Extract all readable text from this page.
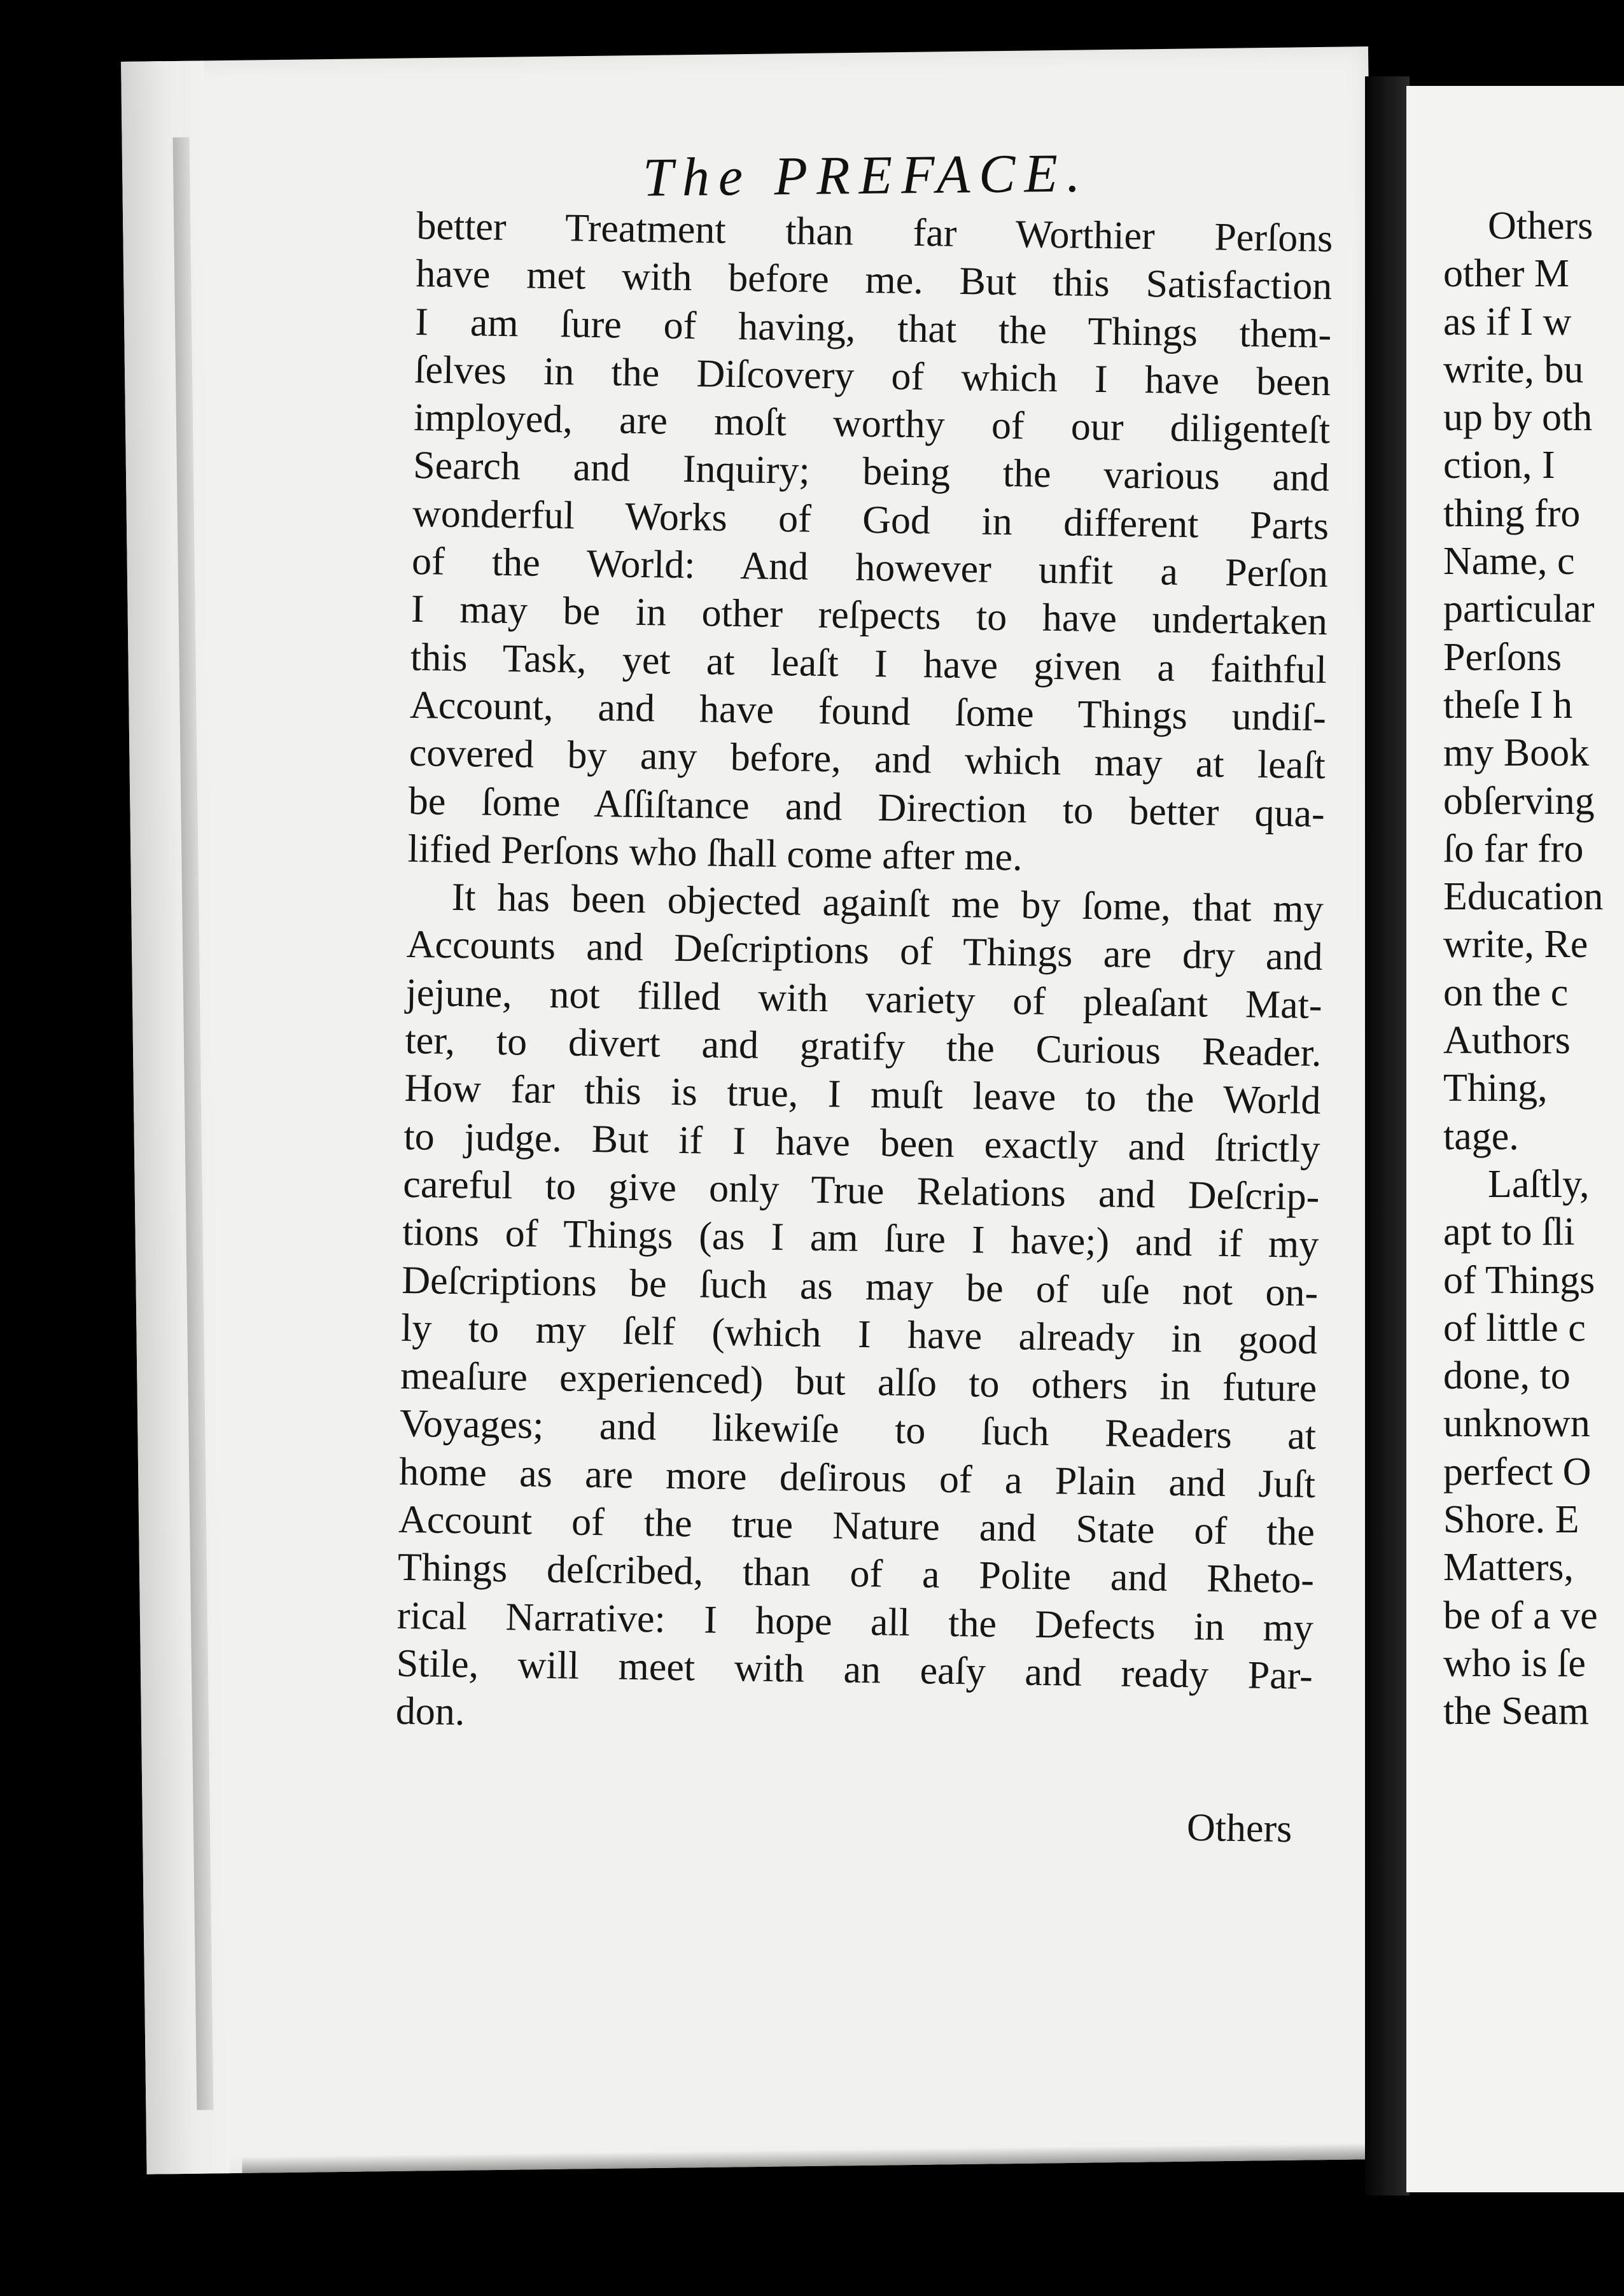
The PREFACE.
better Treatment than far Worthier Perſons
have met with before me. But this Satisfaction
I am ſure of having, that the Things them-
ſelves in the Diſcovery of which I have been
imployed, are moſt worthy of our diligenteſt
Search and Inquiry; being the various and
wonderful Works of God in different Parts
of the World: And however unfit a Perſon
I may be in other reſpects to have undertaken
this Task, yet at leaſt I have given a faithful
Account, and have found ſome Things undiſ-
covered by any before, and which may at leaſt
be ſome Aſſiſtance and Direction to better qua-
lified Perſons who ſhall come after me.
It has been objected againſt me by ſome, that my
Accounts and Deſcriptions of Things are dry and
jejune, not filled with variety of pleaſant Mat-
ter, to divert and gratify the Curious Reader.
How far this is true, I muſt leave to the World
to judge. But if I have been exactly and ſtrictly
careful to give only True Relations and Deſcrip-
tions of Things (as I am ſure I have;) and if my
Deſcriptions be ſuch as may be of uſe not on-
ly to my ſelf (which I have already in good
meaſure experienced) but alſo to others in future
Voyages; and likewiſe to ſuch Readers at
home as are more deſirous of a Plain and Juſt
Account of the true Nature and State of the
Things deſcribed, than of a Polite and Rheto-
rical Narrative: I hope all the Defects in my
Stile, will meet with an eaſy and ready Par-
don.
Others
Others
other M
as if I w
write, bu
up by oth
ction, I
thing fro
Name, c
particular
Perſons
theſe I h
my Book
obſerving
ſo far fro
Education
write, Re
on the c
Authors
Thing,
tage.
Laſtly,
apt to ſli
of Things
of little c
done, to
unknown
perfect O
Shore. E
Matters,
be of a ve
who is ſe
the Seam
